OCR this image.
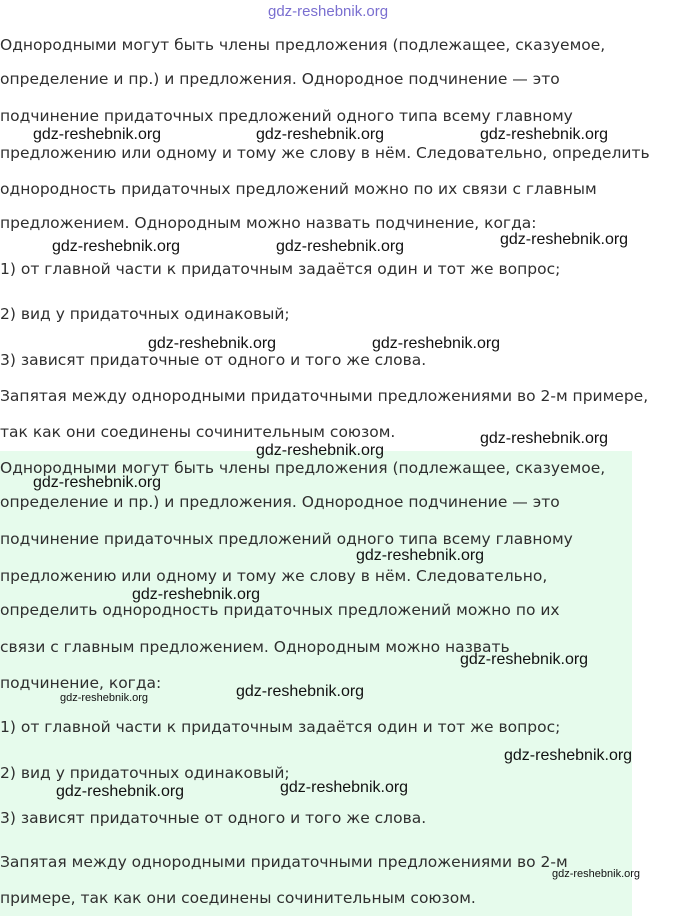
gdz-reshebnik.org

Однородными могут быть члены предложения (подлежащее, сказуемое,

определение и пр.) и предложения. Однородное подчинение — это

подчинение придаточных предложений одного типа всему главному

предложению или одному и тому же слову в нём. Следовательно, определить

однородность придаточных предложений можно по их связи с главным

предложением. Однородным можно назвать подчинение, когда:

1) от главной части к придаточным задаётся один и тот же вопрос;

2) вид у придаточных одинаковый;

3) зависят придаточные от одного и того же слова.

Запятая между однородными придаточными предложениями во 2-м примере,

так как они соединены сочинительным союзом.

Однородными могут быть члены предложения (подлежащее, сказуемое,

определение и пр.) и предложения. Однородное подчинение — это

подчинение придаточных предложений одного типа всему главному

предложению или одному и тому же слову в нём. Следовательно,

определить однородность придаточных предложений можно по их

связи с главным предложением. Однородным можно назвать

подчинение, когда:

1) от главной части к придаточным задаётся один и тот же вопрос;

2) вид у придаточных одинаковый;

3) зависят придаточные от одного и того же слова.

Запятая между однородными придаточными предложениями во 2-м

примере, так как они соединены сочинительным союзом.

gdz-reshebnik.org	gdz-reshebnik.org	gdz-reshebnik.org
gdz-reshebnik.org	gdz-reshebnik.org	gdz-reshebnik.org
gdz-reshebnik.org	gdz-reshebnik.org
gdz-reshebnik.org
gdz-reshebnik.org
gdz-reshebnik.org
gdz-reshebnik.org
gdz-reshebnik.org
gdz-reshebnik.org
gdz-reshebnik.org
gdz-reshebnik.org
gdz-reshebnik.org
gdz-reshebnik.org
gdz-reshebnik.org
gdz-reshebnik.org
